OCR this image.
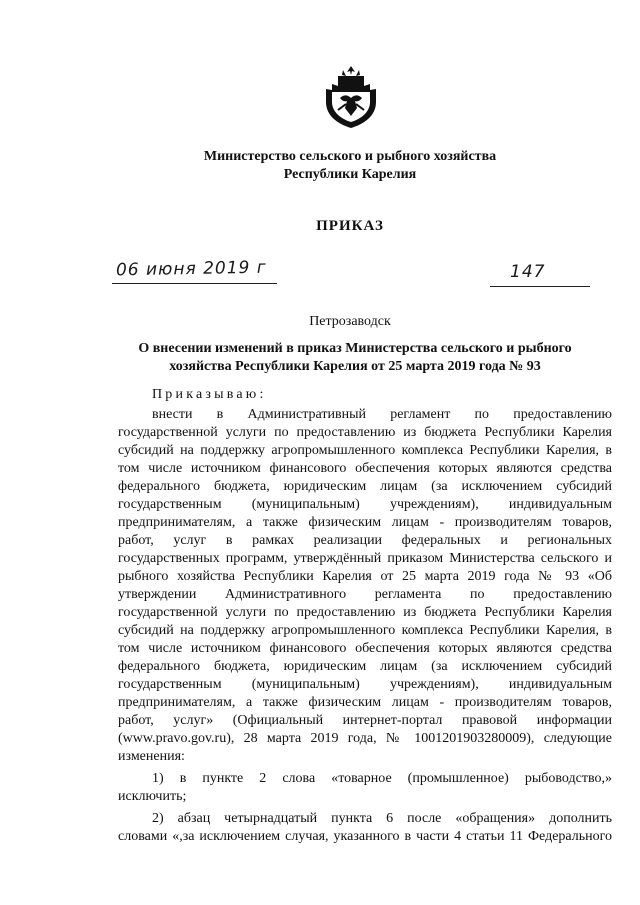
Министерство сельского и рыбного хозяйства
Республики Карелия
ПРИКАЗ
06 июня 2019 г	147
Петрозаводск
О внесении изменений в приказ Министерства сельского и рыбного
хозяйства Республики Карелия от 25 марта 2019 года № 93
Приказываю:
внести в Административный регламент по предоставлению
государственной услуги по предоставлению из бюджета Республики Карелия
субсидий на поддержку агропромышленного комплекса Республики Карелия, в
том числе источником финансового обеспечения которых являются средства
федерального бюджета, юридическим лицам (за исключением субсидий
государственным (муниципальным) учреждениям), индивидуальным
предпринимателям, а также физическим лицам - производителям товаров,
работ, услуг в рамках реализации федеральных и региональных
государственных программ, утверждённый приказом Министерства сельского и
рыбного хозяйства Республики Карелия от 25 марта 2019 года № 93 «Об
утверждении Административного регламента по предоставлению
государственной услуги по предоставлению из бюджета Республики Карелия
субсидий на поддержку агропромышленного комплекса Республики Карелия, в
том числе источником финансового обеспечения которых являются средства
федерального бюджета, юридическим лицам (за исключением субсидий
государственным (муниципальным) учреждениям), индивидуальным
предпринимателям, а также физическим лицам - производителям товаров,
работ, услуг» (Официальный интернет-портал правовой информации
(www.pravo.gov.ru), 28 марта 2019 года, № 1001201903280009), следующие
изменения:
1) в пункте 2 слова «товарное (промышленное) рыбоводство,»
исключить;
2) абзац четырнадцатый пункта 6 после «обращения» дополнить
словами «,за исключением случая, указанного в части 4 статьи 11 Федерального
